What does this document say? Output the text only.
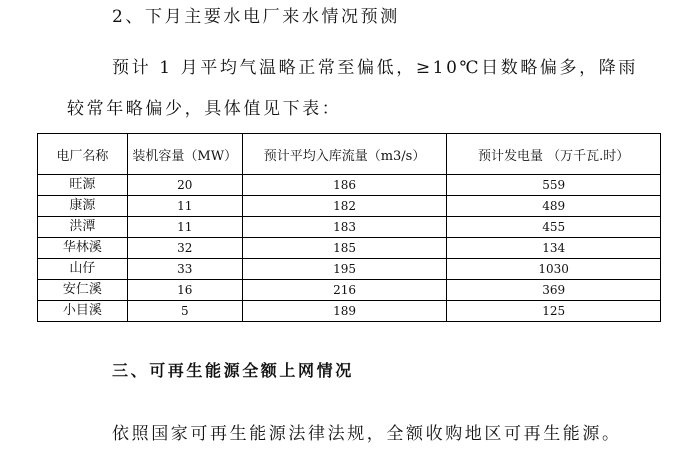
2、下月主要水电厂来水情况预测
预计 1 月平均气温略正常至偏低，≥10℃日数略偏多，降雨
较常年略偏少，具体值见下表：
电厂名称	装机容量（MW）	预计平均入库流量（m3/s）	预计发电量 （万千瓦.时）
旺源	20	186	559
康源	11	182	489
洪潭	11	183	455
华林溪	32	185	134
山仔	33	195	1030
安仁溪	16	216	369
小目溪	5	189	125
三、可再生能源全额上网情况
依照国家可再生能源法律法规，全额收购地区可再生能源。
